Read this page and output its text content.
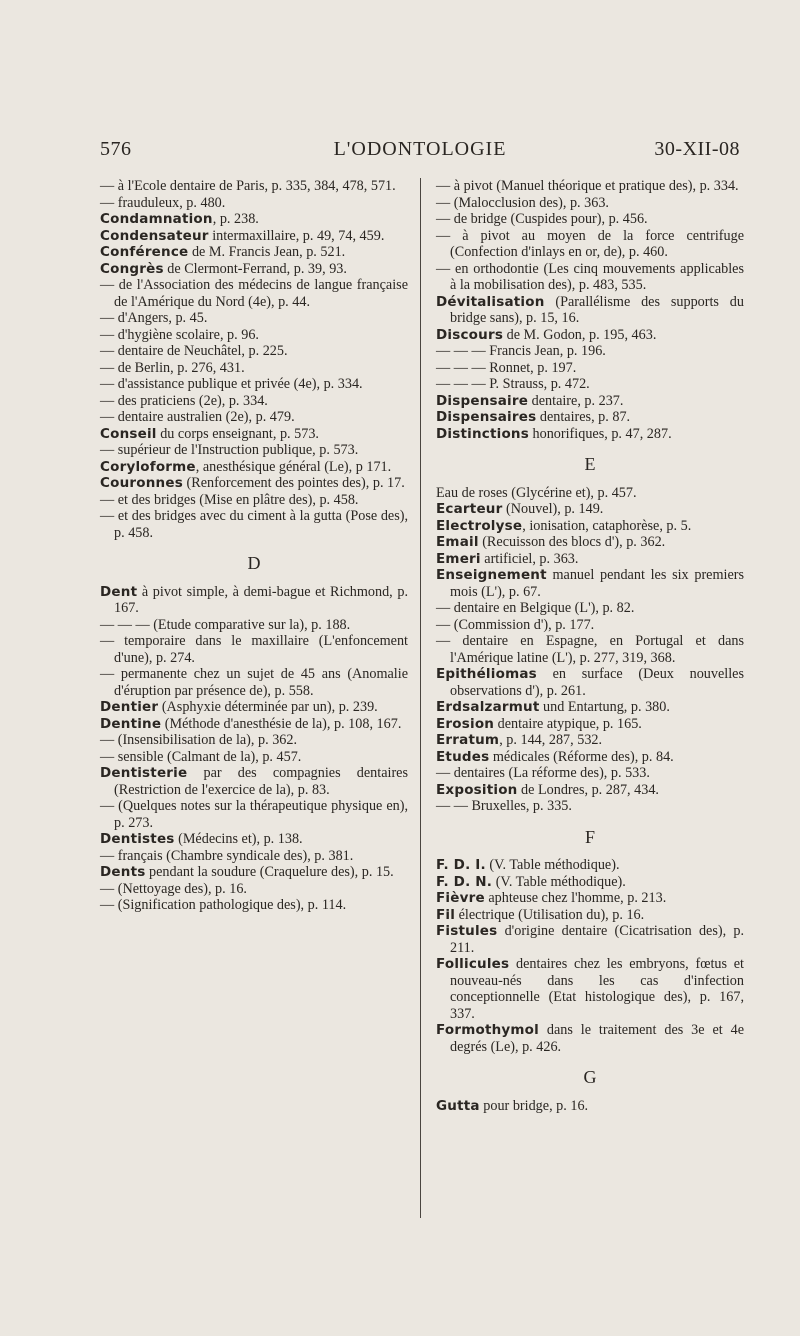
576	L'ODONTOLOGIE	30-XII-08
— à l'Ecole dentaire de Paris, p. 335, 384, 478, 571.
— frauduleux, p. 480.
Condamnation, p. 238.
Condensateur intermaxillaire, p. 49, 74, 459.
Conférence de M. Francis Jean, p. 521.
Congrès de Clermont-Ferrand, p. 39, 93.
— de l'Association des médecins de langue française de l'Amérique du Nord (4e), p. 44.
— d'Angers, p. 45.
— d'hygiène scolaire, p. 96.
— dentaire de Neuchâtel, p. 225.
— de Berlin, p. 276, 431.
— d'assistance publique et privée (4e), p. 334.
— des praticiens (2e), p. 334.
— dentaire australien (2e), p. 479.
Conseil du corps enseignant, p. 573.
— supérieur de l'Instruction publique, p. 573.
Coryloforme, anesthésique général (Le), p 171.
Couronnes (Renforcement des pointes des), p. 17.
— et des bridges (Mise en plâtre des), p. 458.
— et des bridges avec du ciment à la gutta (Pose des), p. 458.
D
Dent à pivot simple, à demi-bague et Richmond, p. 167.
— — — (Etude comparative sur la), p. 188.
— temporaire dans le maxillaire (L'enfoncement d'une), p. 274.
— permanente chez un sujet de 45 ans (Anomalie d'éruption par présence de), p. 558.
Dentier (Asphyxie déterminée par un), p. 239.
Dentine (Méthode d'anesthésie de la), p. 108, 167.
— (Insensibilisation de la), p. 362.
— sensible (Calmant de la), p. 457.
Dentisterie par des compagnies dentaires (Restriction de l'exercice de la), p. 83.
— (Quelques notes sur la thérapeutique physique en), p. 273.
Dentistes (Médecins et), p. 138.
— français (Chambre syndicale des), p. 381.
Dents pendant la soudure (Craquelure des), p. 15.
— (Nettoyage des), p. 16.
— (Signification pathologique des), p. 114.
— à pivot (Manuel théorique et pratique des), p. 334.
— (Malocclusion des), p. 363.
— de bridge (Cuspides pour), p. 456.
— à pivot au moyen de la force centrifuge (Confection d'inlays en or, de), p. 460.
— en orthodontie (Les cinq mouvements applicables à la mobilisation des), p. 483, 535.
Dévitalisation (Parallélisme des supports du bridge sans), p. 15, 16.
Discours de M. Godon, p. 195, 463.
— — — Francis Jean, p. 196.
— — — Ronnet, p. 197.
— — — P. Strauss, p. 472.
Dispensaire dentaire, p. 237.
Dispensaires dentaires, p. 87.
Distinctions honorifiques, p. 47, 287.
E
Eau de roses (Glycérine et), p. 457.
Ecarteur (Nouvel), p. 149.
Electrolyse, ionisation, cataphorèse, p. 5.
Email (Recuisson des blocs d'), p. 362.
Emeri artificiel, p. 363.
Enseignement manuel pendant les six premiers mois (L'), p. 67.
— dentaire en Belgique (L'), p. 82.
— (Commission d'), p. 177.
— dentaire en Espagne, en Portugal et dans l'Amérique latine (L'), p. 277, 319, 368.
Epithéliomas en surface (Deux nouvelles observations d'), p. 261.
Erdsalzarmut und Entartung, p. 380.
Erosion dentaire atypique, p. 165.
Erratum, p. 144, 287, 532.
Etudes médicales (Réforme des), p. 84.
— dentaires (La réforme des), p. 533.
Exposition de Londres, p. 287, 434.
— — Bruxelles, p. 335.
F
F. D. I. (V. Table méthodique).
F. D. N. (V. Table méthodique).
Fièvre aphteuse chez l'homme, p. 213.
Fil électrique (Utilisation du), p. 16.
Fistules d'origine dentaire (Cicatrisation des), p. 211.
Follicules dentaires chez les embryons, fœtus et nouveau-nés dans les cas d'infection conceptionnelle (Etat histologique des), p. 167, 337.
Formothymol dans le traitement des 3e et 4e degrés (Le), p. 426.
G
Gutta pour bridge, p. 16.
